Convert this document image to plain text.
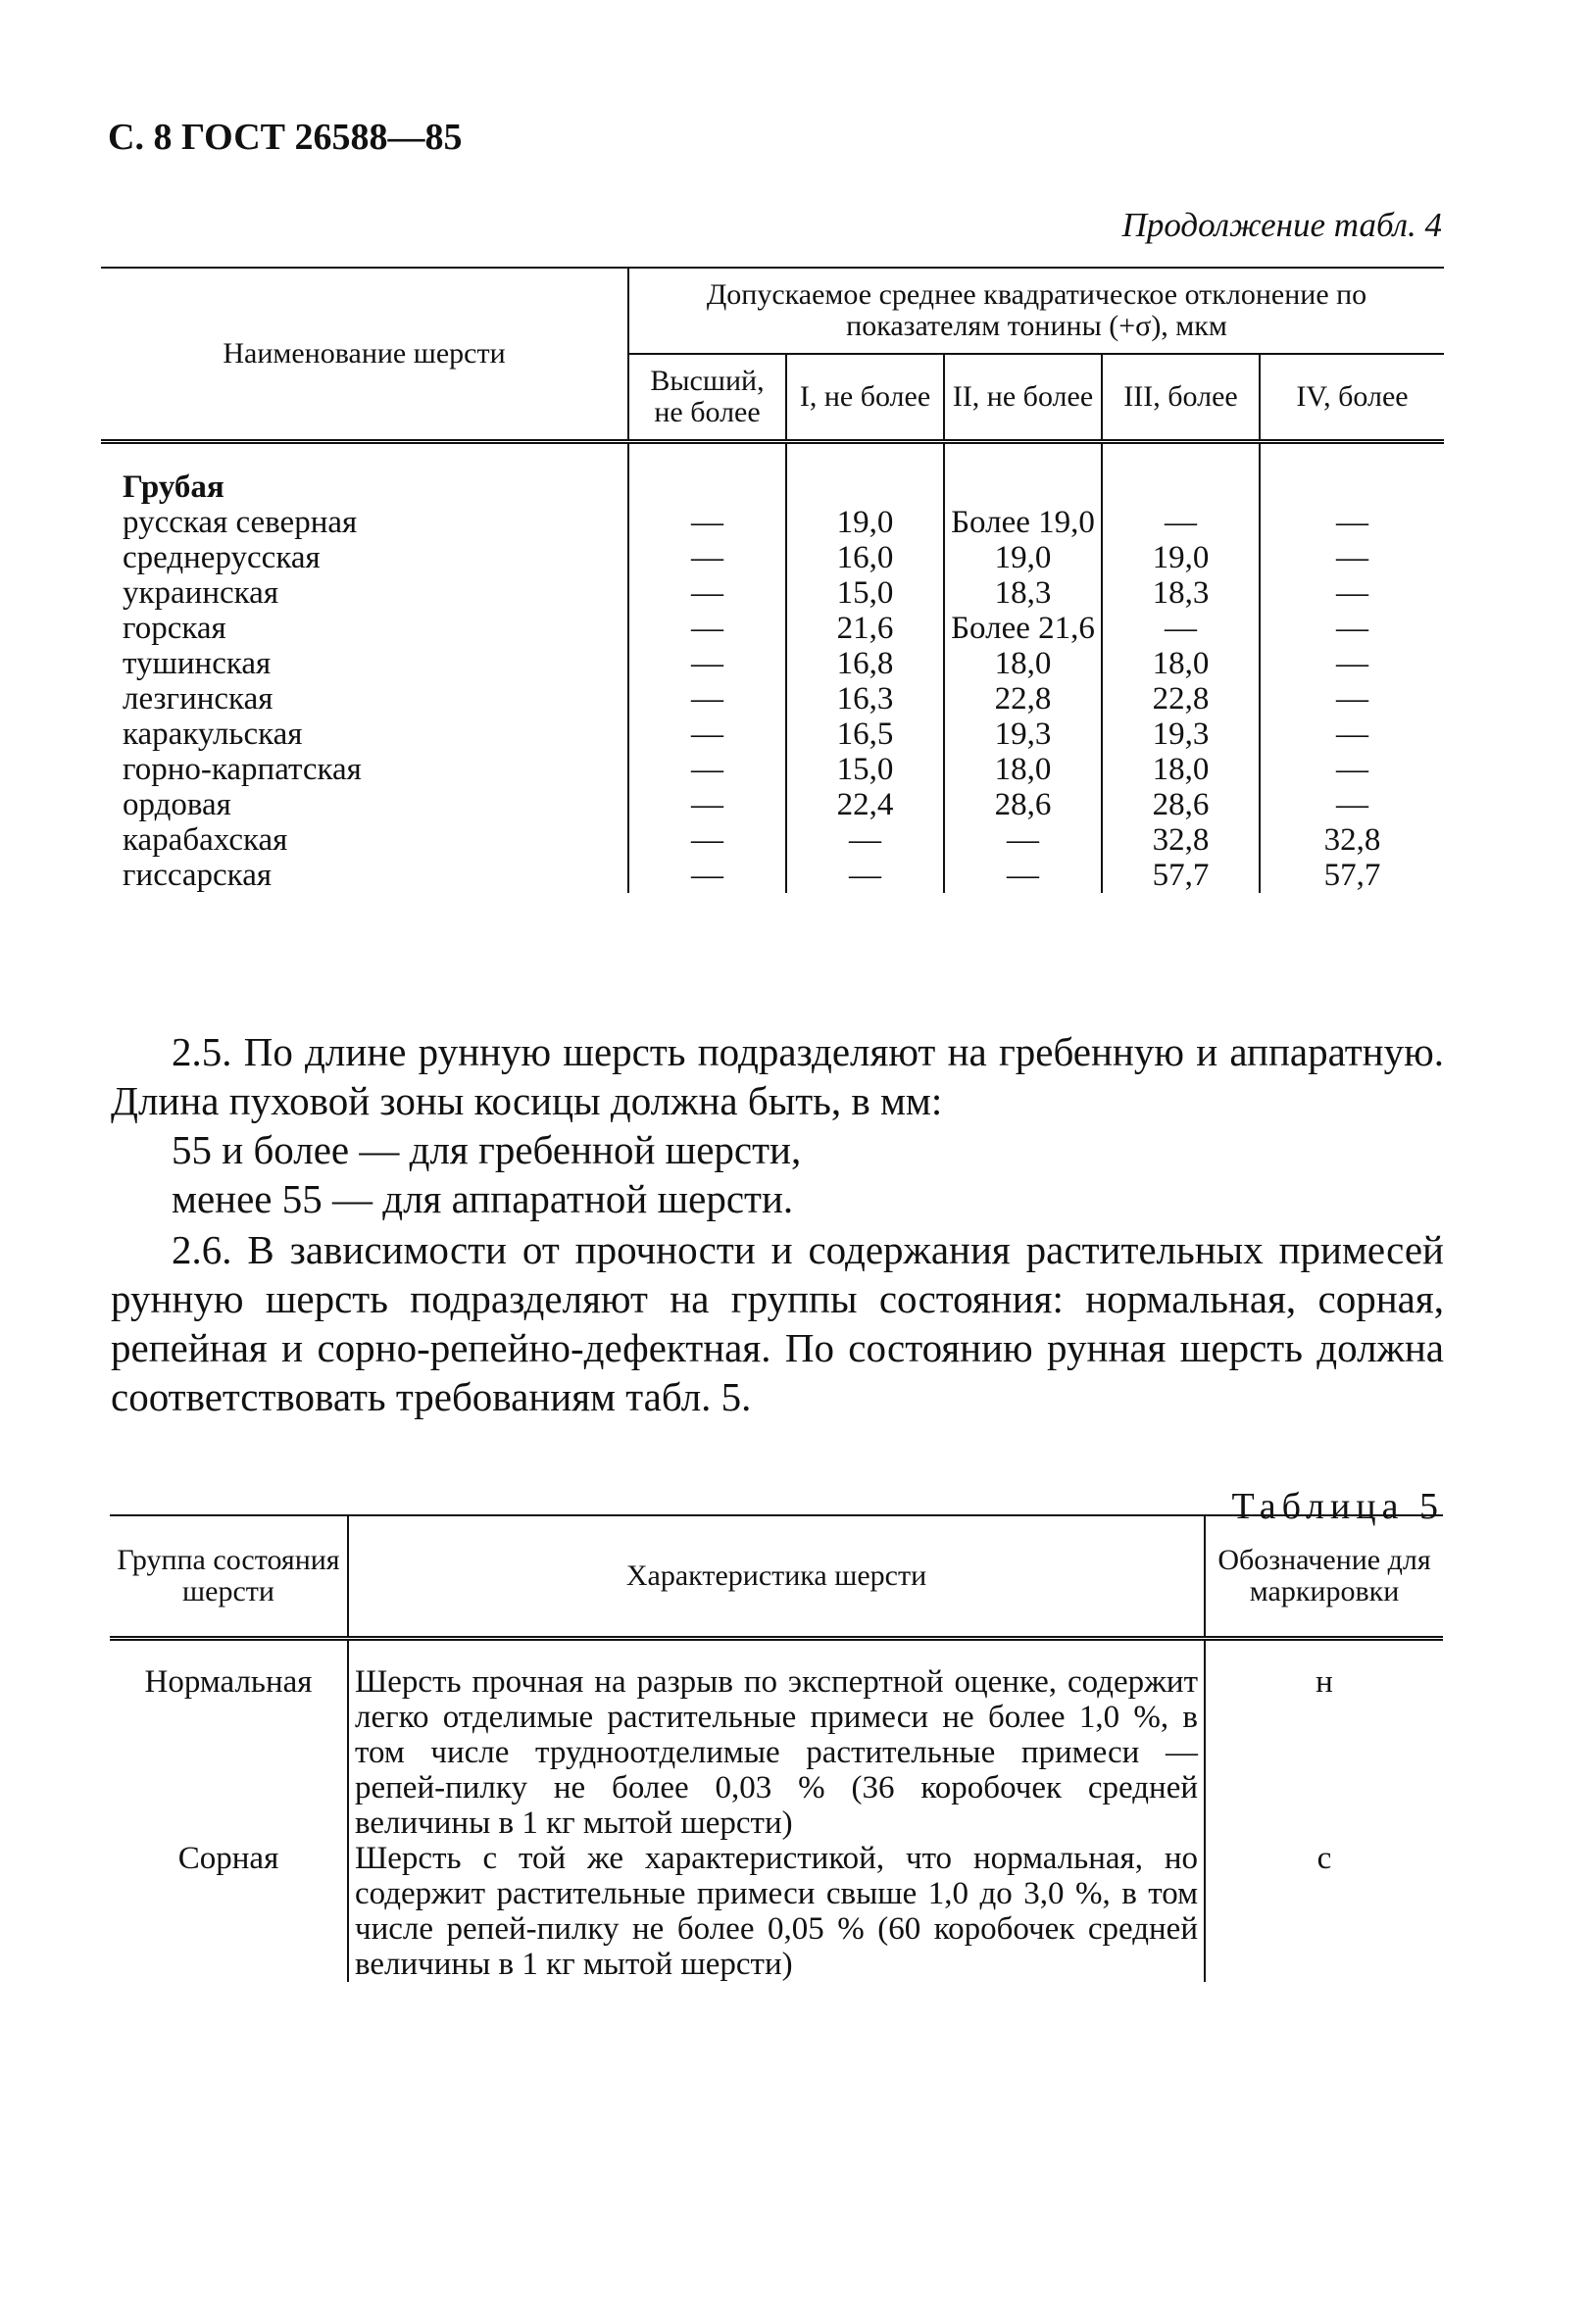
С. 8 ГОСТ 26588—85
Продолжение табл. 4
Наименование шерсти	Допускаемое среднее квадратическое отклонение по показателям тонины (+σ), мкм				
	Высший, не более	I, не более	II, не более	III, более	IV, более
Грубая					
русская северная	—	19,0	Более 19,0	—	—
среднерусская	—	16,0	19,0	19,0	—
украинская	—	15,0	18,3	18,3	—
горская	—	21,6	Более 21,6	—	—
тушинская	—	16,8	18,0	18,0	—
лезгинская	—	16,3	22,8	22,8	—
каракульская	—	16,5	19,3	19,3	—
горно-карпатская	—	15,0	18,0	18,0	—
ордовая	—	22,4	28,6	28,6	—
карабахская	—	—	—	32,8	32,8
гиссарская	—	—	—	57,7	57,7
2.5. По длине рунную шерсть подразделяют на гребенную и аппаратную. Длина пуховой зоны косицы должна быть, в мм:
55 и более — для гребенной шерсти,
менее 55 — для аппаратной шерсти.
2.6. В зависимости от прочности и содержания растительных примесей рунную шерсть подразделяют на группы состояния: нормальная, сорная, репейная и сорно-репейно-дефектная. По состоянию рунная шерсть должна соответствовать требованиям табл. 5.
Таблица 5
Группа состояния шерсти	Характеристика шерсти	Обозначение для маркировки
Нормальная	Шерсть прочная на разрыв по экспертной оценке, содержит легко отделимые растительные примеси не более 1,0 %, в том числе трудноотделимые растительные примеси — репей-пилку не более 0,03 % (36 коробочек средней величины в 1 кг мытой шерсти)	н
Сорная	Шерсть с той же характеристикой, что нормальная, но содержит растительные примеси свыше 1,0 до 3,0 %, в том числе репей-пилку не более 0,05 % (60 коробочек средней величины в 1 кг мытой шерсти)	с
